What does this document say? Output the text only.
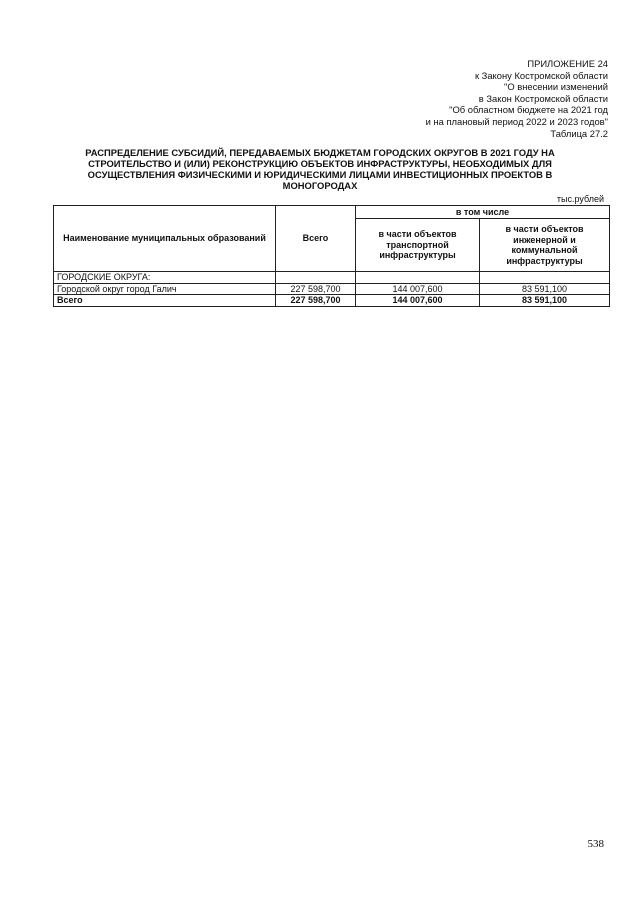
ПРИЛОЖЕНИЕ 24
к Закону Костромской области
"О внесении изменений
в Закон Костромской области
"Об областном бюджете на 2021 год
и на плановый период 2022 и 2023 годов"
Таблица 27.2
РАСПРЕДЕЛЕНИЕ СУБСИДИЙ, ПЕРЕДАВАЕМЫХ БЮДЖЕТАМ ГОРОДСКИХ ОКРУГОВ В 2021 ГОДУ НА
СТРОИТЕЛЬСТВО И (ИЛИ) РЕКОНСТРУКЦИЮ ОБЪЕКТОВ ИНФРАСТРУКТУРЫ, НЕОБХОДИМЫХ ДЛЯ
ОСУЩЕСТВЛЕНИЯ ФИЗИЧЕСКИМИ И ЮРИДИЧЕСКИМИ ЛИЦАМИ ИНВЕСТИЦИОННЫХ ПРОЕКТОВ В
МОНОГОРОДАХ
тыс.рублей
Наименование муниципальных образований	Всего	в том числе	
		в части объектов транспортной инфраструктуры	в части объектов инженерной и коммунальной инфраструктуры
ГОРОДСКИЕ ОКРУГА:			
Городской округ город Галич	227 598,700	144 007,600	83 591,100
Всего	227 598,700	144 007,600	83 591,100
538
